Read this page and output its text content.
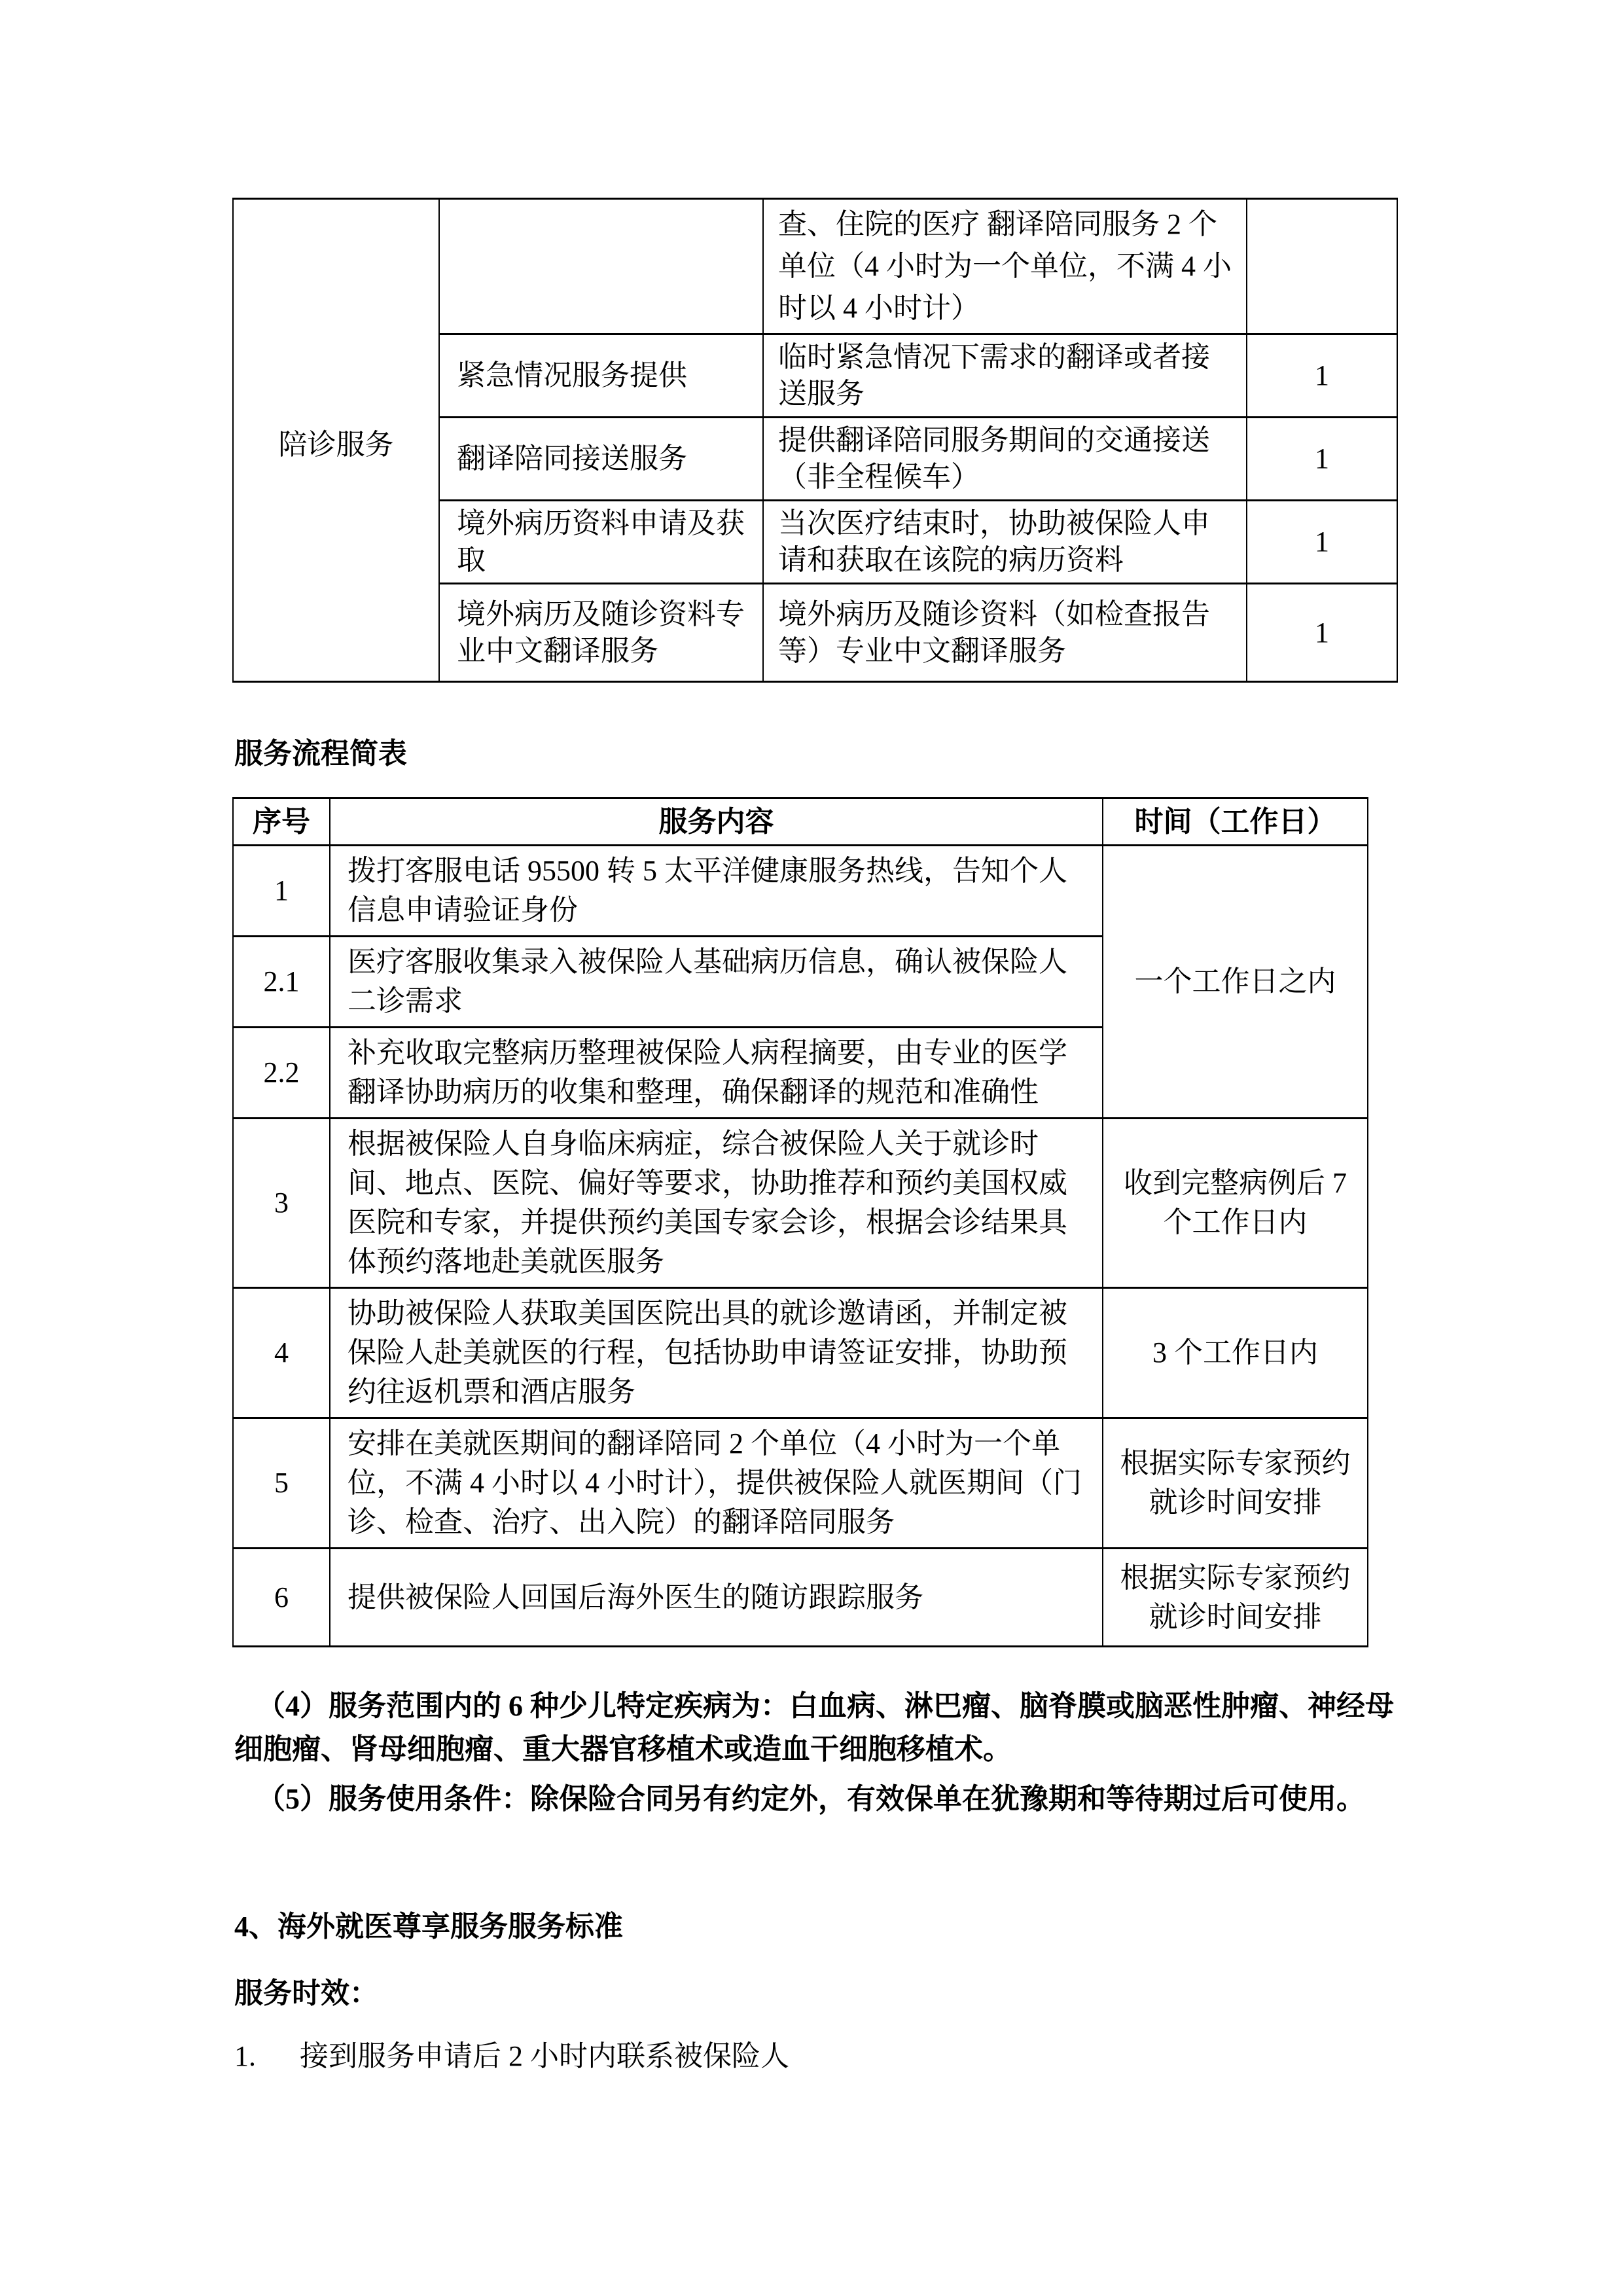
陪诊服务		查、住院的医疗 翻译陪同服务 2 个单位（4 小时为一个单位，不满 4 小时以 4 小时计）	
	紧急情况服务提供	临时紧急情况下需求的翻译或者接送服务	1
	翻译陪同接送服务	提供翻译陪同服务期间的交通接送（非全程候车）	1
	境外病历资料申请及获取	当次医疗结束时，协助被保险人申请和获取在该院的病历资料	1
	境外病历及随诊资料专业中文翻译服务	境外病历及随诊资料（如检查报告等）专业中文翻译服务	1
服务流程简表
序号	服务内容	时间（工作日）
1	拨打客服电话 95500 转 5 太平洋健康服务热线，告知个人信息申请验证身份	一个工作日之内
2.1	医疗客服收集录入被保险人基础病历信息，确认被保险人二诊需求	
2.2	补充收取完整病历整理被保险人病程摘要，由专业的医学翻译协助病历的收集和整理，确保翻译的规范和准确性	
3	根据被保险人自身临床病症，综合被保险人关于就诊时间、地点、医院、偏好等要求，协助推荐和预约美国权威医院和专家，并提供预约美国专家会诊，根据会诊结果具体预约落地赴美就医服务	收到完整病例后 7 个工作日内
4	协助被保险人获取美国医院出具的就诊邀请函，并制定被保险人赴美就医的行程，包括协助申请签证安排，协助预约往返机票和酒店服务	3 个工作日内
5	安排在美就医期间的翻译陪同 2 个单位（4 小时为一个单位，不满 4 小时以 4 小时计），提供被保险人就医期间（门诊、检查、治疗、出入院）的翻译陪同服务	根据实际专家预约就诊时间安排
6	提供被保险人回国后海外医生的随访跟踪服务	根据实际专家预约就诊时间安排
（4）服务范围内的 6 种少儿特定疾病为：白血病、淋巴瘤、脑脊膜或脑恶性肿瘤、神经母细胞瘤、肾母细胞瘤、重大器官移植术或造血干细胞移植术。
（5）服务使用条件：除保险合同另有约定外，有效保单在犹豫期和等待期过后可使用。
4、海外就医尊享服务服务标准
服务时效：
1. 接到服务申请后 2 小时内联系被保险人
